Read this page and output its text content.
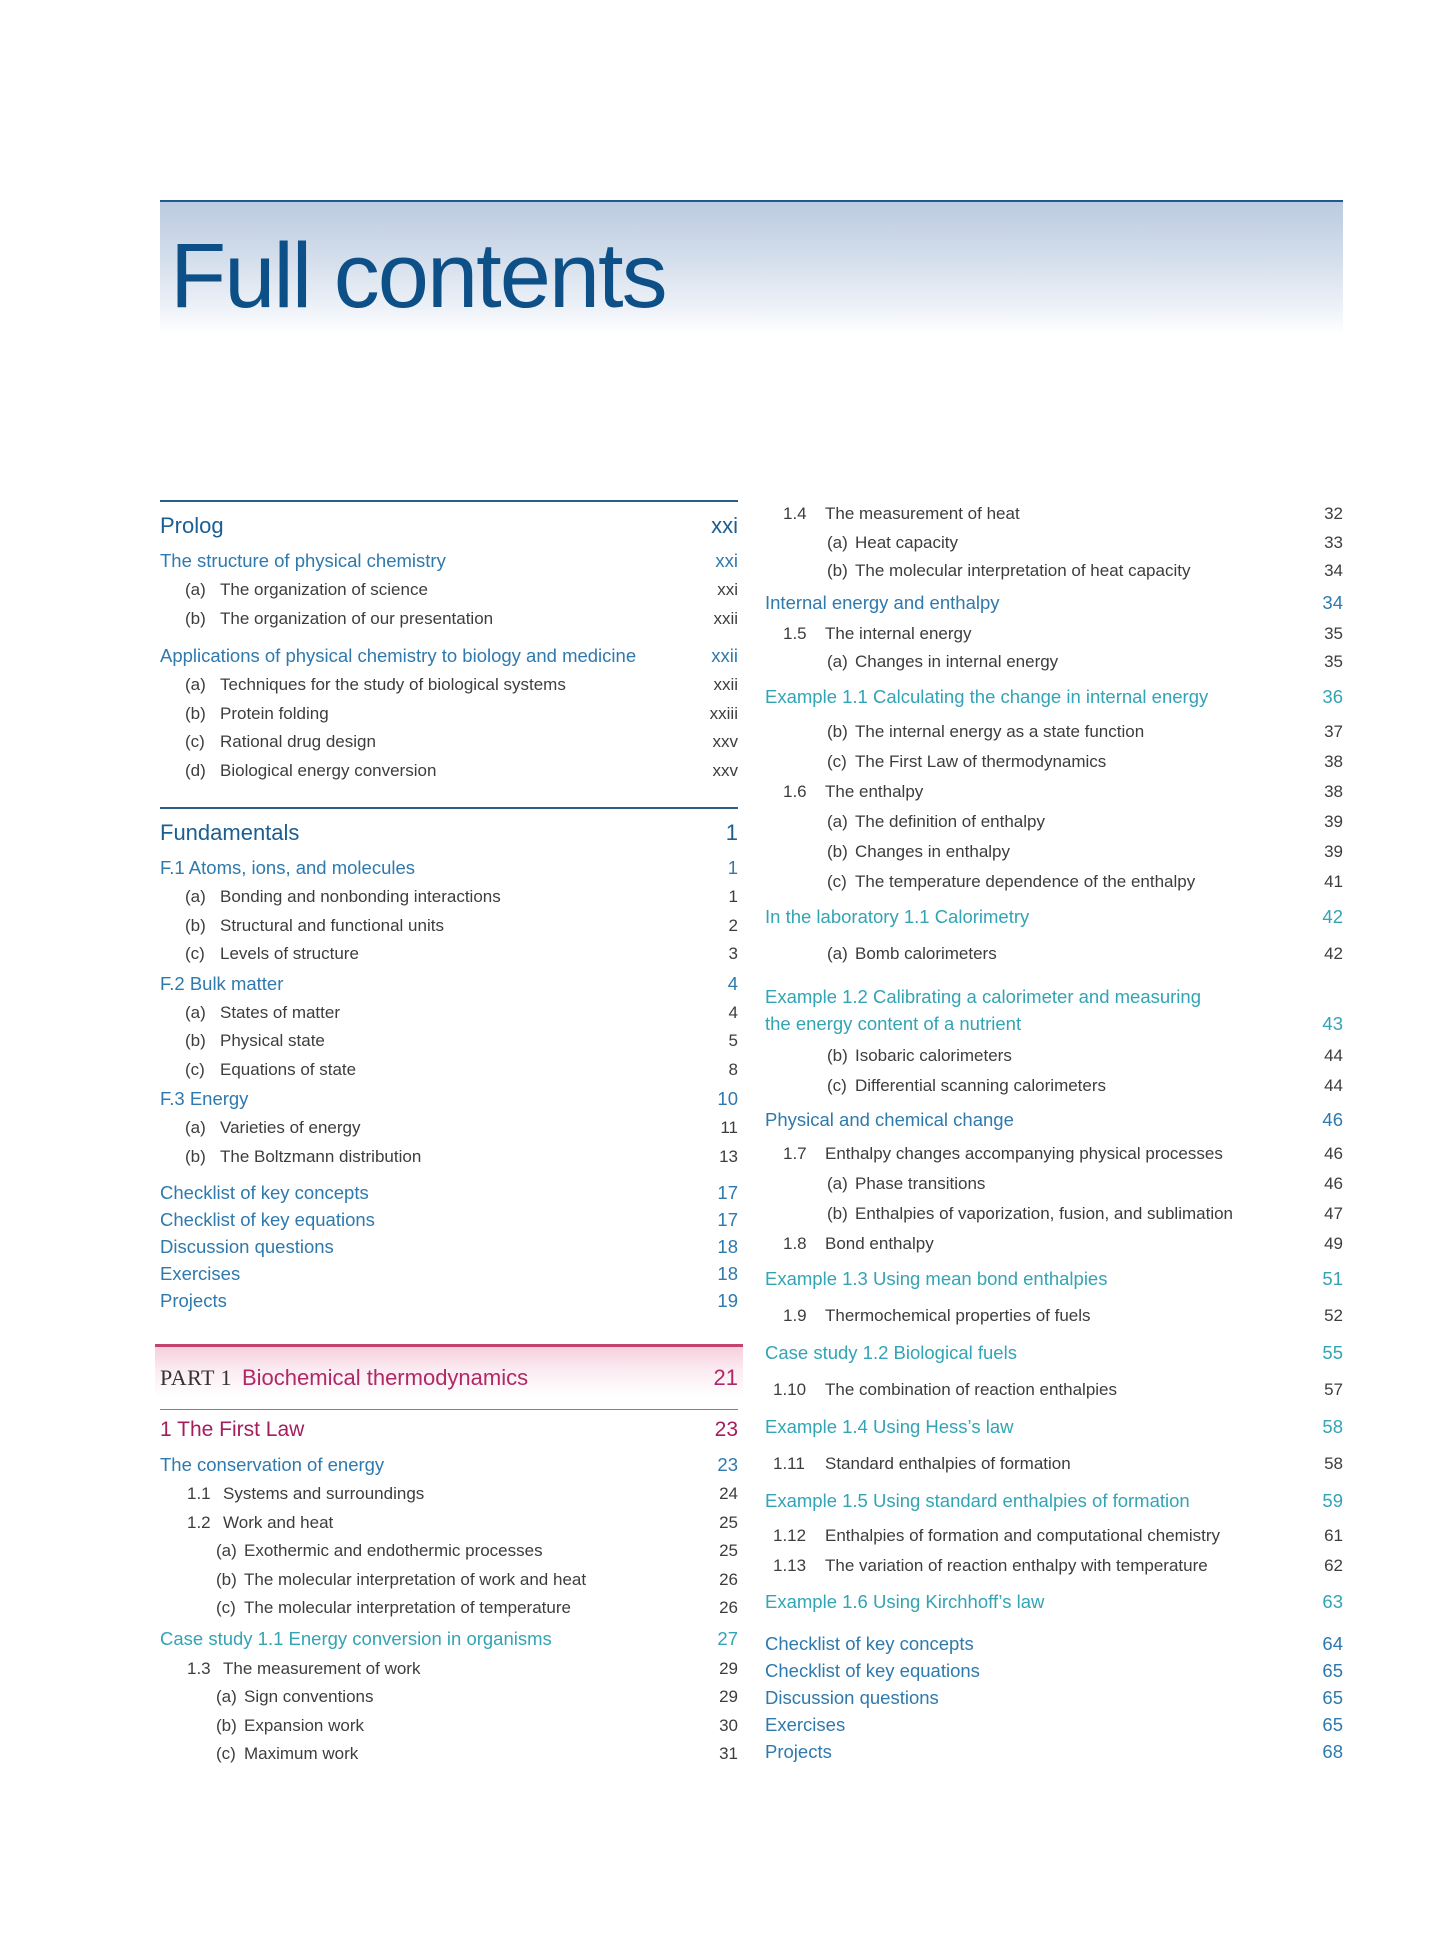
Full contents
Prolog	xxi
The structure of physical chemistry	xxi
(a) The organization of science	xxi
(b) The organization of our presentation	xxii
Applications of physical chemistry to biology and medicine	xxii
(a) Techniques for the study of biological systems	xxii
(b) Protein folding	xxiii
(c) Rational drug design	xxv
(d) Biological energy conversion	xxv
Fundamentals	1
F.1 Atoms, ions, and molecules	1
(a) Bonding and nonbonding interactions	1
(b) Structural and functional units	2
(c) Levels of structure	3
F.2 Bulk matter	4
(a) States of matter	4
(b) Physical state	5
(c) Equations of state	8
F.3 Energy	10
(a) Varieties of energy	11
(b) The Boltzmann distribution	13
Checklist of key concepts	17
Checklist of key equations	17
Discussion questions	18
Exercises	18
Projects	19
PART 1 Biochemical thermodynamics	21
1 The First Law	23
The conservation of energy	23
1.1 Systems and surroundings	24
1.2 Work and heat	25
(a) Exothermic and endothermic processes	25
(b) The molecular interpretation of work and heat	26
(c) The molecular interpretation of temperature	26
Case study 1.1 Energy conversion in organisms	27
1.3 The measurement of work	29
(a) Sign conventions	29
(b) Expansion work	30
(c) Maximum work	31
1.4	The measurement of heat	32
(a) Heat capacity	33
(b) The molecular interpretation of heat capacity	34
Internal energy and enthalpy	34
1.5	The internal energy	35
(a) Changes in internal energy	35
Example 1.1 Calculating the change in internal energy	36
(b) The internal energy as a state function	37
(c) The First Law of thermodynamics	38
1.6	The enthalpy	38
(a) The definition of enthalpy	39
(b) Changes in enthalpy	39
(c) The temperature dependence of the enthalpy	41
In the laboratory 1.1 Calorimetry	42
(a) Bomb calorimeters	42
Example 1.2 Calibrating a calorimeter and measuring
the energy content of a nutrient	43
(b) Isobaric calorimeters	44
(c) Differential scanning calorimeters	44
Physical and chemical change	46
1.7	Enthalpy changes accompanying physical processes	46
(a) Phase transitions	46
(b) Enthalpies of vaporization, fusion, and sublimation	47
1.8	Bond enthalpy	49
Example 1.3 Using mean bond enthalpies	51
1.9	Thermochemical properties of fuels	52
Case study 1.2 Biological fuels	55
1.10	The combination of reaction enthalpies	57
Example 1.4 Using Hess’s law	58
1.11	Standard enthalpies of formation	58
Example 1.5 Using standard enthalpies of formation	59
1.12	Enthalpies of formation and computational chemistry	61
1.13	The variation of reaction enthalpy with temperature	62
Example 1.6 Using Kirchhoff’s law	63
Checklist of key concepts	64
Checklist of key equations	65
Discussion questions	65
Exercises	65
Projects	68
